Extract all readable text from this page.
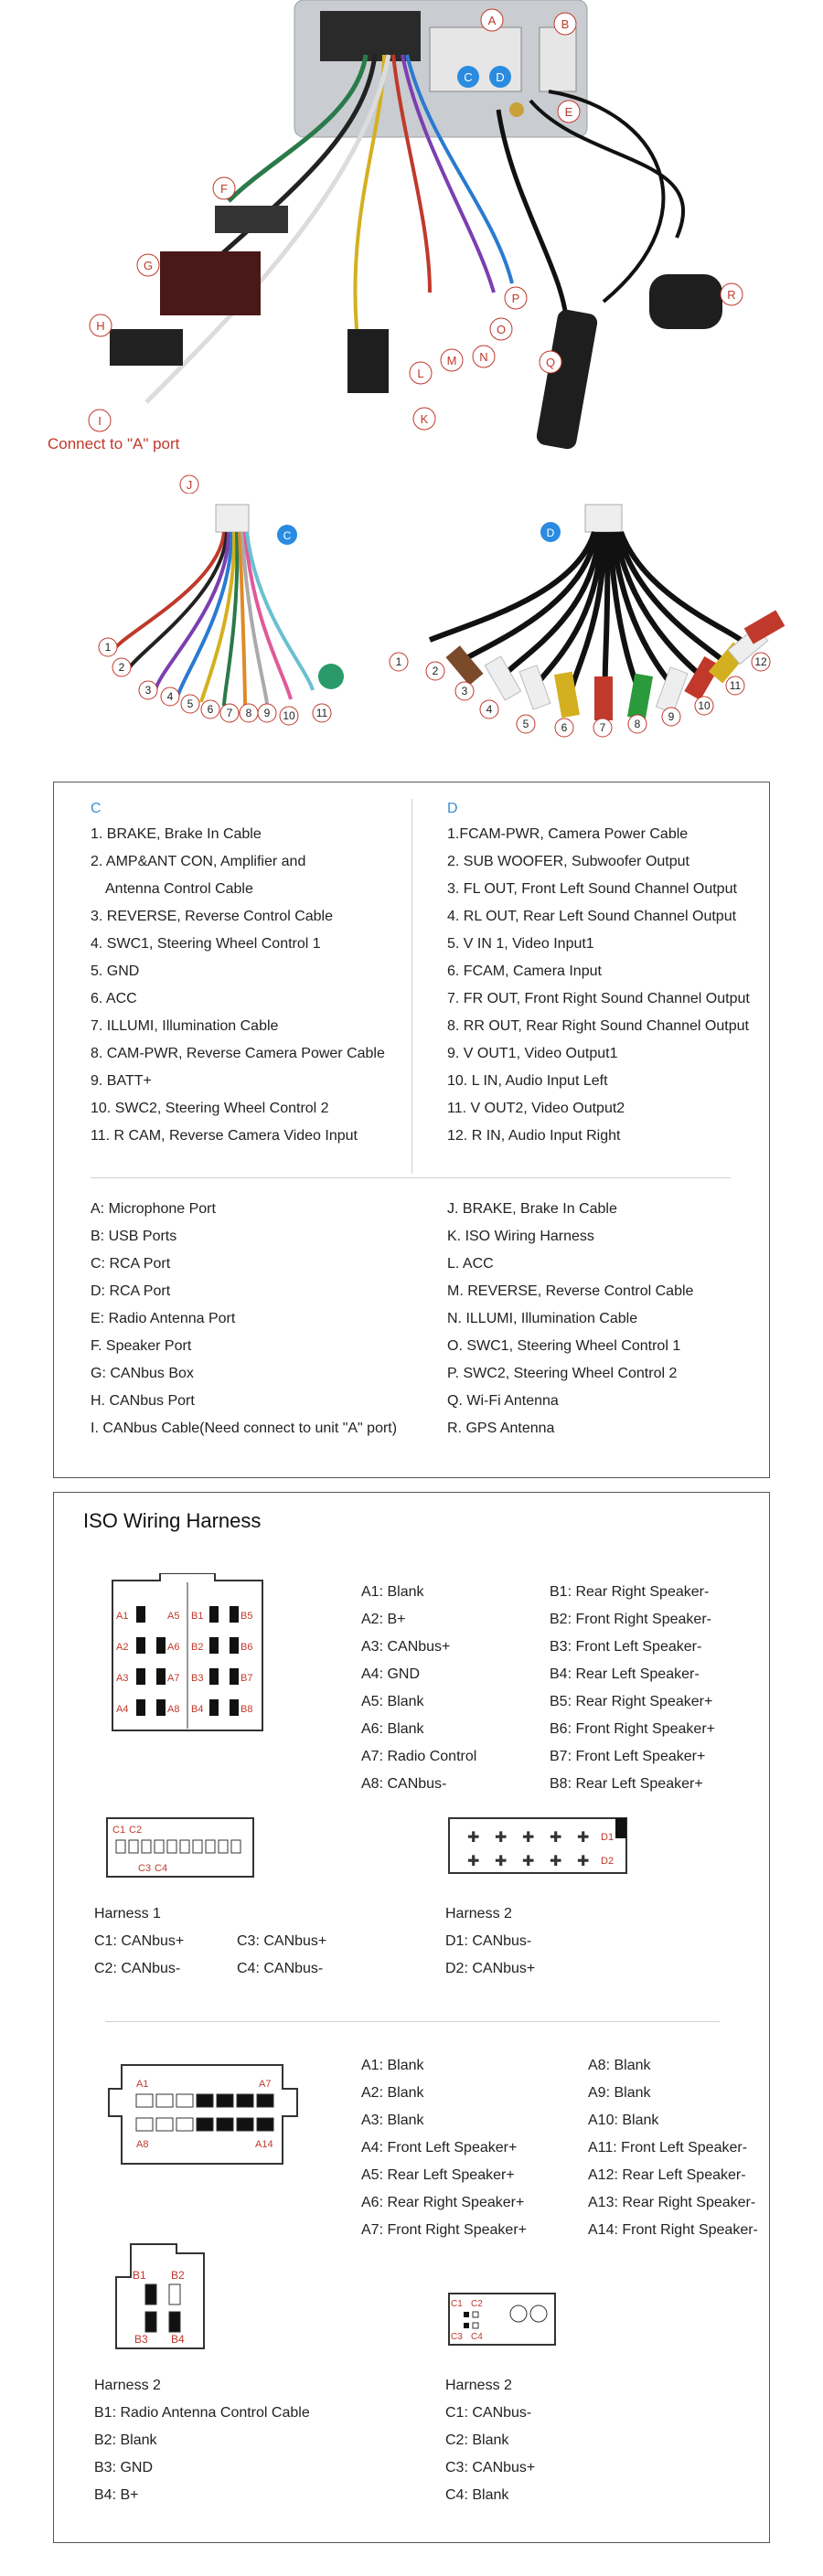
A	B
C D
E
F
G
H
I
J
K
L
M N
O
P
Q
R
Connect to "A" port
C	D
1
2
3 4
5 6 7 8 9 10 11
1
2
3
4
5	6	7	8
9
10
11
12
C	D
1. BRAKE, Brake In Cable
2. AMP&ANT CON, Amplifier and
Antenna Control Cable
3. REVERSE, Reverse Control Cable
4. SWC1, Steering Wheel Control 1
5. GND
6. ACC
7. ILLUMI, Illumination Cable
8. CAM-PWR, Reverse Camera Power Cable
9. BATT+
10. SWC2, Steering Wheel Control 2
11. R CAM, Reverse Camera Video Input
1.FCAM-PWR, Camera Power Cable
2. SUB WOOFER, Subwoofer Output
3. FL OUT, Front Left Sound Channel Output
4. RL OUT, Rear Left Sound Channel Output
5. V IN 1, Video Input1
6. FCAM, Camera Input
7. FR OUT, Front Right Sound Channel Output
8. RR OUT, Rear Right Sound Channel Output
9. V OUT1, Video Output1
10. L IN, Audio Input Left
11. V OUT2, Video Output2
12. R IN, Audio Input Right
A: Microphone Port
B: USB Ports
C: RCA Port
D: RCA Port
E: Radio Antenna Port
F. Speaker Port
G: CANbus Box
H. CANbus Port
I. CANbus Cable(Need connect to unit "A" port)
J. BRAKE, Brake In Cable
K. ISO Wiring Harness
L. ACC
M. REVERSE, Reverse Control Cable
N. ILLUMI, Illumination Cable
O. SWC1, Steering Wheel Control 1
P. SWC2, Steering Wheel Control 2
Q. Wi-Fi Antenna
R. GPS Antenna
ISO Wiring Harness
A1
A2
A3
A4
A5
A6
A7
A8
B1
B2
B3
B4
B5
B6
B7
B8
A1: Blank
A2: B+
A3: CANbus+
A4: GND
A5: Blank
A6: Blank
A7: Radio Control
A8: CANbus-
B1: Rear Right Speaker-
B2: Front Right Speaker-
B3: Front Left Speaker-
B4: Rear Left Speaker-
B5: Rear Right Speaker+
B6: Front Right Speaker+
B7: Front Left Speaker+
B8: Rear Left Speaker+
C1 C2
C3 C4
✚ ✚ ✚ ✚ ✚
✚ ✚ ✚ ✚ ✚
D1
D2
Harness 1
C1: CANbus+	C3: CANbus+
C2: CANbus-	C4: CANbus-
Harness 2
D1: CANbus-
D2: CANbus+
A1	A7
A8	A14
A1: Blank
A2: Blank
A3: Blank
A4: Front Left Speaker+
A5: Rear Left Speaker+
A6: Rear Right Speaker+
A7: Front Right Speaker+
A8: Blank
A9: Blank
A10: Blank
A11: Front Left Speaker-
A12: Rear Left Speaker-
A13: Rear Right Speaker-
A14: Front Right Speaker-
B1 B2
B3 B4
C1 C2
C3 C4
Harness 2
B1: Radio Antenna Control Cable
B2: Blank
B3: GND
B4: B+
Harness 2
C1: CANbus-
C2: Blank
C3: CANbus+
C4: Blank
